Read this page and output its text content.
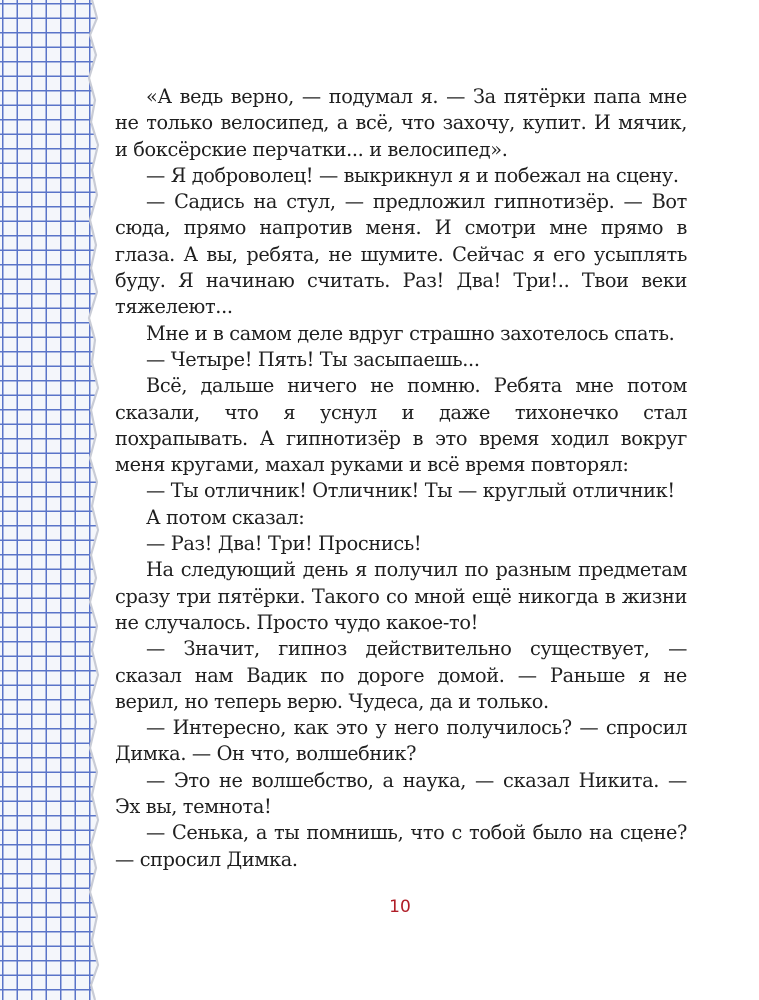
«А ведь верно, — подумал я. — За пятёрки папа мне не только велосипед, а всё, что захочу, купит. И мячик, и боксёрские перчатки... и велосипед».

— Я доброволец! — выкрикнул я и побежал на сцену.

— Садись на стул, — предложил гипнотизёр. — Вот сюда, прямо напротив меня. И смотри мне прямо в глаза. А вы, ребята, не шумите. Сейчас я его усыплять буду. Я начинаю считать. Раз! Два! Три!.. Твои веки тяжелеют...

Мне и в самом деле вдруг страшно захотелось спать.

— Четыре! Пять! Ты засыпаешь...

Всё, дальше ничего не помню. Ребята мне потом сказали, что я уснул и даже тихонечко стал похрапывать. А гипнотизёр в это время ходил вокруг меня кругами, махал руками и всё время повторял:

— Ты отличник! Отличник! Ты — круглый отличник!

А потом сказал:

— Раз! Два! Три! Проснись!

На следующий день я получил по разным предметам сразу три пятёрки. Такого со мной ещё никогда в жизни не случалось. Просто чудо какое-то!

— Значит, гипноз действительно существует, — сказал нам Вадик по дороге домой. — Раньше я не верил, но теперь верю. Чудеса, да и только.

— Интересно, как это у него получилось? — спросил Димка. — Он что, волшебник?

— Это не волшебство, а наука, — сказал Никита. — Эх вы, темнота!

— Сенька, а ты помнишь, что с тобой было на сцене? — спросил Димка.

10
